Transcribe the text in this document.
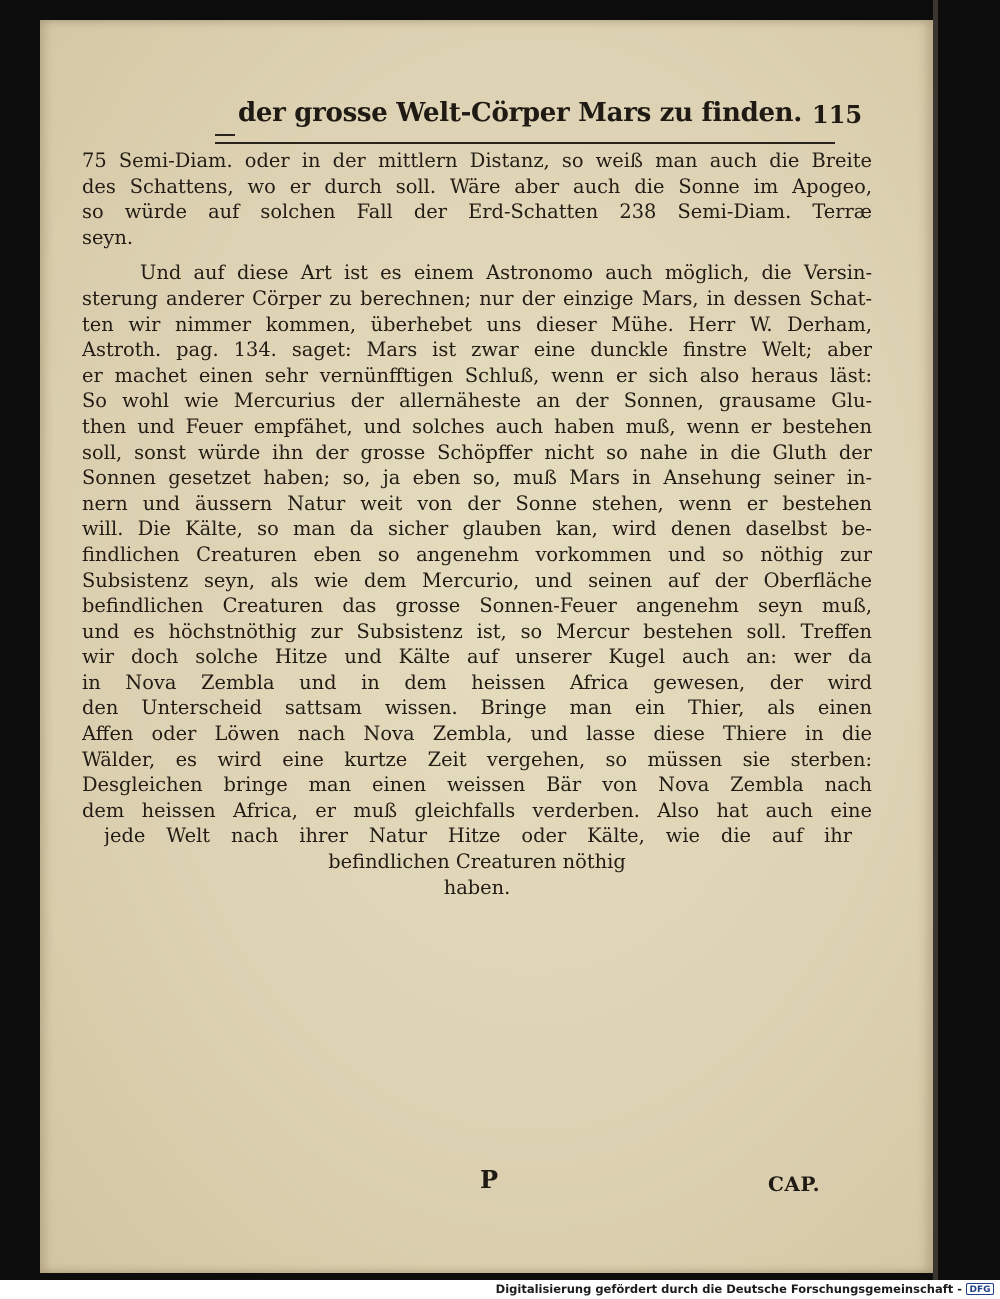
der grosse Welt-Cörper Mars zu finden. 115
75 Semi-Diam. oder in der mittlern Distanz, so weiß man auch die Breite
des Schattens, wo er durch soll. Wäre aber auch die Sonne im Apogeo,
so würde auf solchen Fall der Erd-Schatten 238 Semi-Diam. Terræ
seyn.
Und auf diese Art ist es einem Astronomo auch möglich, die Versin-
sterung anderer Cörper zu berechnen; nur der einzige Mars, in dessen Schat-
ten wir nimmer kommen, überhebet uns dieser Mühe. Herr W. Derham,
Astroth. pag. 134. saget: Mars ist zwar eine dunckle finstre Welt; aber
er machet einen sehr vernünfftigen Schluß, wenn er sich also heraus läst:
So wohl wie Mercurius der allernäheste an der Sonnen, grausame Glu-
then und Feuer empfähet, und solches auch haben muß, wenn er bestehen
soll, sonst würde ihn der grosse Schöpffer nicht so nahe in die Gluth der
Sonnen gesetzet haben; so, ja eben so, muß Mars in Ansehung seiner in-
nern und äussern Natur weit von der Sonne stehen, wenn er bestehen
will. Die Kälte, so man da sicher glauben kan, wird denen daselbst be-
findlichen Creaturen eben so angenehm vorkommen und so nöthig zur
Subsistenz seyn, als wie dem Mercurio, und seinen auf der Oberfläche
befindlichen Creaturen das grosse Sonnen-Feuer angenehm seyn muß,
und es höchstnöthig zur Subsistenz ist, so Mercur bestehen soll. Treffen
wir doch solche Hitze und Kälte auf unserer Kugel auch an: wer da
in Nova Zembla und in dem heissen Africa gewesen, der wird
den Unterscheid sattsam wissen. Bringe man ein Thier, als einen
Affen oder Löwen nach Nova Zembla, und lasse diese Thiere in die
Wälder, es wird eine kurtze Zeit vergehen, so müssen sie sterben:
Desgleichen bringe man einen weissen Bär von Nova Zembla nach
dem heissen Africa, er muß gleichfalls verderben. Also hat auch eine
jede Welt nach ihrer Natur Hitze oder Kälte, wie die auf ihr
befindlichen Creaturen nöthig
haben.
P	CAP.
Digitalisierung gefördert durch die Deutsche Forschungsgemeinschaft - DFG
